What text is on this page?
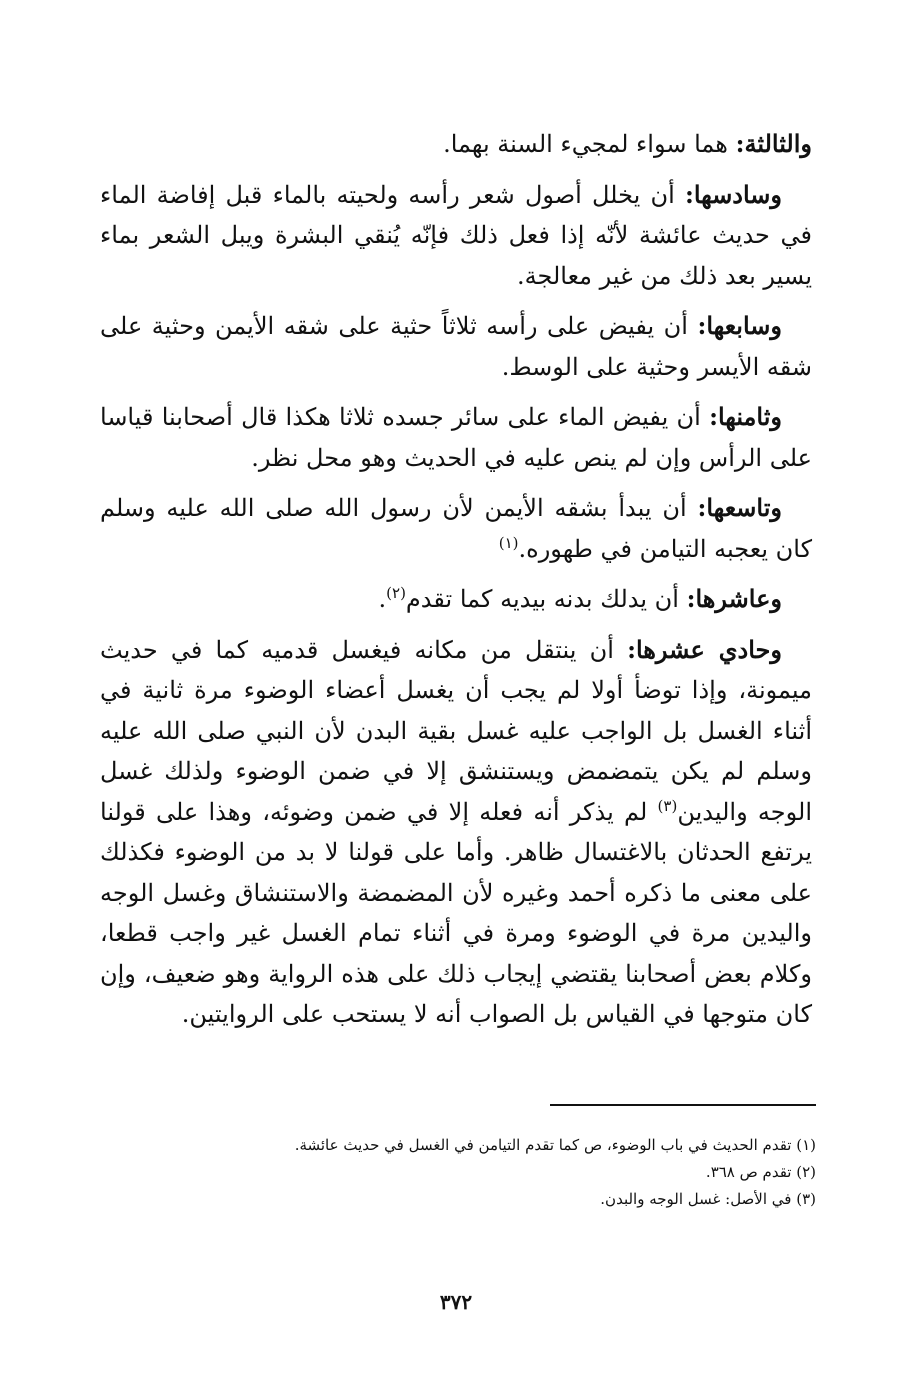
والثالثة: هما سواء لمجيء السنة بهما.

وسادسها: أن يخلل أصول شعر رأسه ولحيته بالماء قبل إفاضة الماء في حديث عائشة لأنّه إذا فعل ذلك فإنّه يُنقي البشرة ويبل الشعر بماء يسير بعد ذلك من غير معالجة.

وسابعها: أن يفيض على رأسه ثلاثاً حثية على شقه الأيمن وحثية على شقه الأيسر وحثية على الوسط.

وثامنها: أن يفيض الماء على سائر جسده ثلاثا هكذا قال أصحابنا قياسا على الرأس وإن لم ينص عليه في الحديث وهو محل نظر.

وتاسعها: أن يبدأ بشقه الأيمن لأن رسول الله صلى الله عليه وسلم كان يعجبه التيامن في طهوره.$^{(١)}$

وعاشرها: أن يدلك بدنه بيديه كما تقدم$^{(٢)}$.

وحادي عشرها: أن ينتقل من مكانه فيغسل قدميه كما في حديث ميمونة، وإذا توضأ أولا لم يجب أن يغسل أعضاء الوضوء مرة ثانية في أثناء الغسل بل الواجب عليه غسل بقية البدن لأن النبي صلى الله عليه وسلم لم يكن يتمضمض ويستنشق إلا في ضمن الوضوء ولذلك غسل الوجه واليدين$^{(٣)}$ لم يذكر أنه فعله إلا في ضمن وضوئه، وهذا على قولنا يرتفع الحدثان بالاغتسال ظاهر. وأما على قولنا لا بد من الوضوء فكذلك على معنى ما ذكره أحمد وغيره لأن المضمضة والاستنشاق وغسل الوجه واليدين مرة في الوضوء ومرة في أثناء تمام الغسل غير واجب قطعا، وكلام بعض أصحابنا يقتضي إيجاب ذلك على هذه الرواية وهو ضعيف، وإن كان متوجها في القياس بل الصواب أنه لا يستحب على الروايتين.

(١) تقدم الحديث في باب الوضوء، ص كما تقدم التيامن في الغسل في حديث عائشة.

(٢) تقدم ص ٣٦٨.

(٣) في الأصل: غسل الوجه والبدن.

٣٧٢
